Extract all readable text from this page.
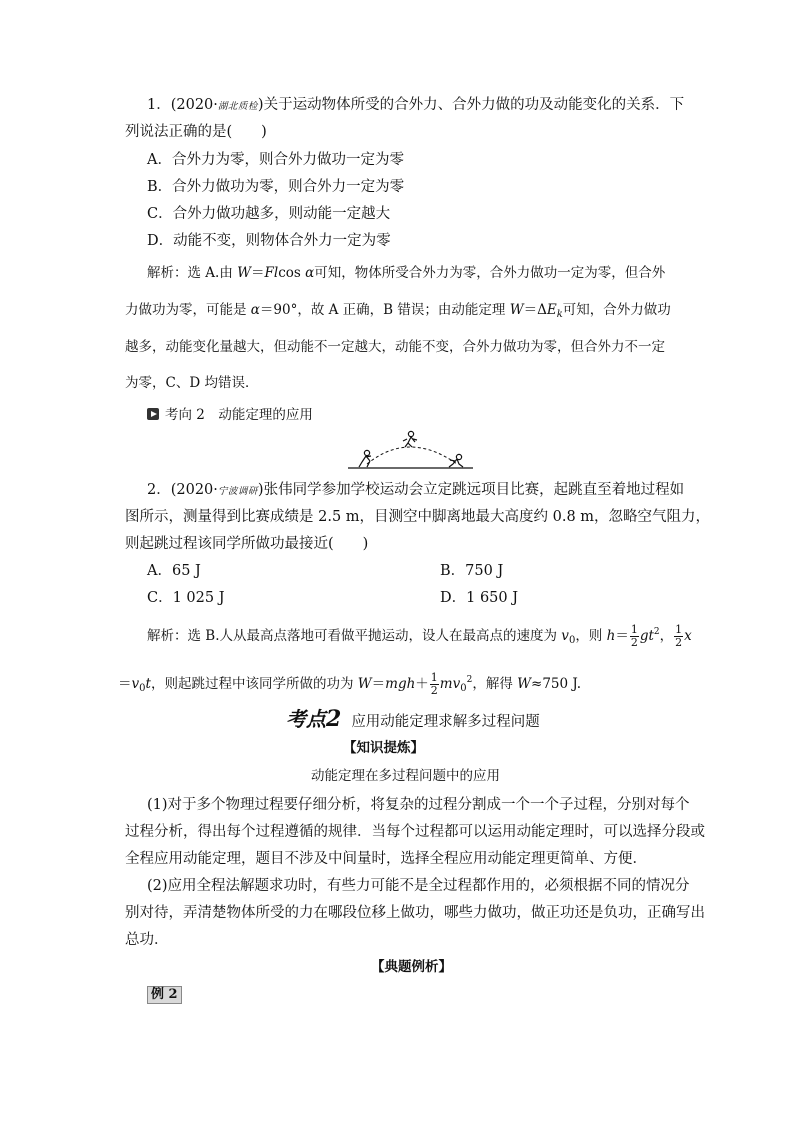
1．(2020·湖北质检)关于运动物体所受的合外力、合外力做的功及动能变化的关系．下
列说法正确的是(　　)
A．合外力为零，则合外力做功一定为零
B．合外力做功为零，则合外力一定为零
C．合外力做功越多，则动能一定越大
D．动能不变，则物体合外力一定为零
解析：选 A.由 W＝Flcos α可知，物体所受合外力为零，合外力做功一定为零，但合外
力做功为零，可能是 α＝90°，故 A 正确，B 错误；由动能定理 $W=\Delta E_k$可知，合外力做功
越多，动能变化量越大，但动能不一定越大，动能不变，合外力做功为零，但合外力不一定
为零，C、D 均错误．
考向 2　动能定理的应用
2．(2020·宁波调研)张伟同学参加学校运动会立定跳远项目比赛，起跳直至着地过程如
图所示，测量得到比赛成绩是 2.5 m，目测空中脚离地最大高度约 0.8 m，忽略空气阻力，
则起跳过程该同学所做功最接近(　　)
A．65 J	B．750 J
C．1 025 J	D．1 650 J
解析：选 B.人从最高点落地可看做平抛运动，设人在最高点的速度为 $v_0$，则 $h= \frac{1}{2} gt^2$， $\frac{1}{2}$ x
$=v_0t$，则起跳过程中该同学所做的功为 $W=mgh+ \frac{1}{2} mv_0^2$，解得 W≈750 J.
考点2 应用动能定理求解多过程问题
【知识提炼】
动能定理在多过程问题中的应用
(1)对于多个物理过程要仔细分析，将复杂的过程分割成一个一个子过程，分别对每个
过程分析，得出每个过程遵循的规律．当每个过程都可以运用动能定理时，可以选择分段或
全程应用动能定理，题目不涉及中间量时，选择全程应用动能定理更简单、方便．
(2)应用全程法解题求功时，有些力可能不是全过程都作用的，必须根据不同的情况分
别对待，弄清楚物体所受的力在哪段位移上做功，哪些力做功，做正功还是负功，正确写出
总功．
【典题例析】
例 2
